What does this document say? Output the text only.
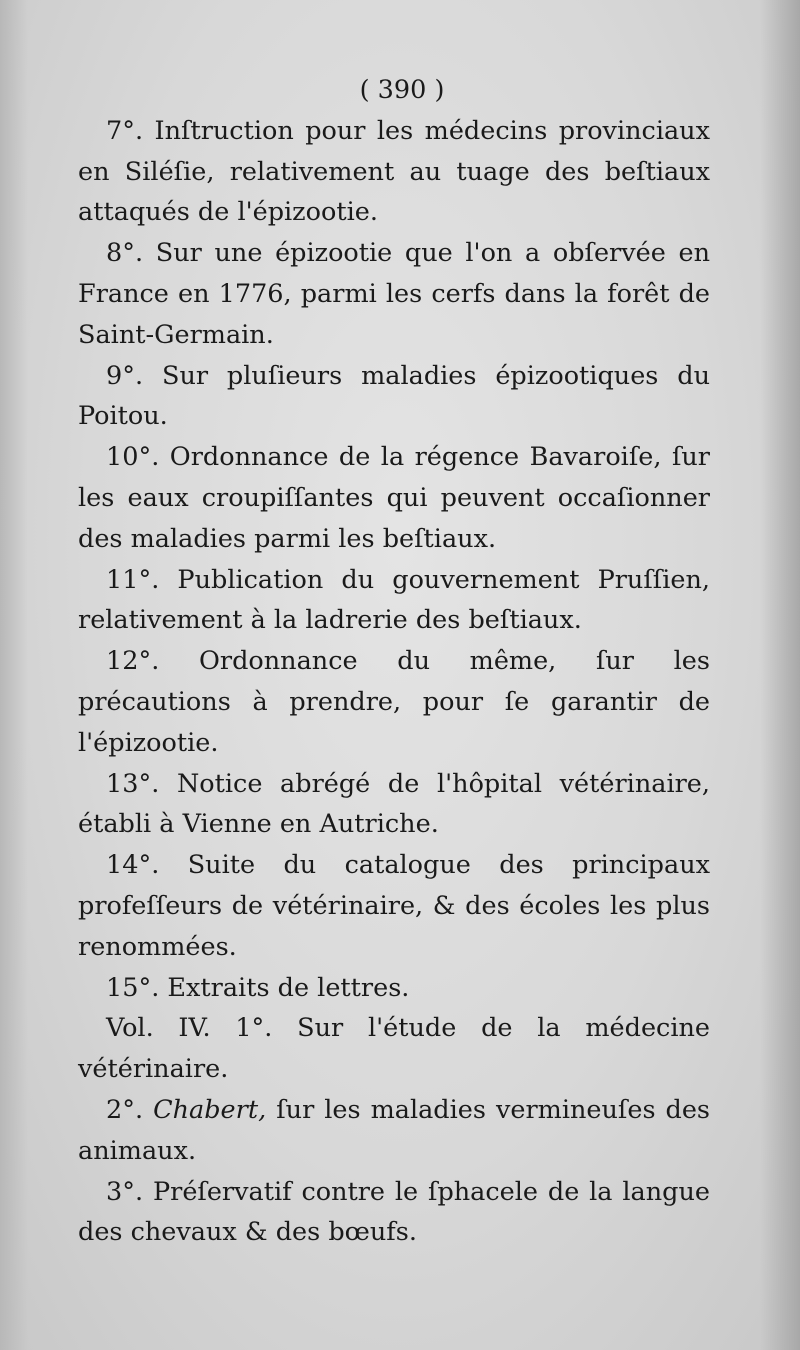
( 390 )

7°. Inſtruction pour les médecins provinciaux en Siléſie, relativement au tuage des beſtiaux attaqués de l'épizootie.

8°. Sur une épizootie que l'on a obſervée en France en 1776, parmi les cerfs dans la forêt de Saint-Germain.

9°. Sur pluſieurs maladies épizootiques du Poitou.

10°. Ordonnance de la régence Bavaroiſe, ſur les eaux croupiſſantes qui peuvent occaſionner des maladies parmi les beſtiaux.

11°. Publication du gouvernement Pruſſien, relativement à la ladrerie des beſtiaux.

12°. Ordonnance du même, ſur les précautions à prendre, pour ſe garantir de l'épizootie.

13°. Notice abrégé de l'hôpital vétérinaire, établi à Vienne en Autriche.

14°. Suite du catalogue des principaux profeſſeurs de vétérinaire, & des écoles les plus renommées.

15°. Extraits de lettres.

Vol. IV. 1°. Sur l'étude de la médecine vétérinaire.

2°. Chabert, ſur les maladies vermineuſes des animaux.

3°. Préſervatif contre le ſphacele de la langue des chevaux & des bœufs.
